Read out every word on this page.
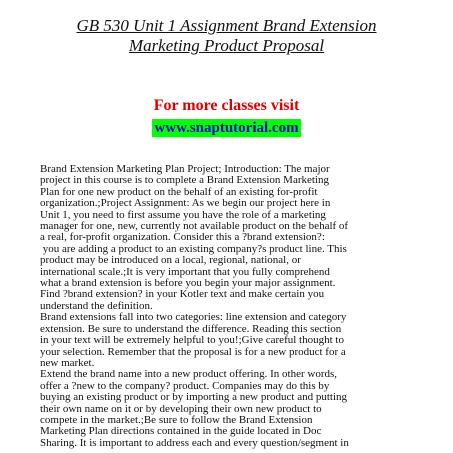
GB 530 Unit 1 Assignment Brand Extension
Marketing Product Proposal

For more classes visit

www.snaptutorial.com
Brand Extension Marketing Plan Project; Introduction: The major
project in this course is to complete a Brand Extension Marketing
Plan for one new product on the behalf of an existing for-profit
organization.;Project Assignment: As we begin our project here in
Unit 1, you need to first assume you have the role of a marketing
manager for one, new, currently not available product on the behalf of
a real, for-profit organization. Consider this a ?brand extension?:
you are adding a product to an existing company?s product line. This
product may be introduced on a local, regional, national, or
international scale.;It is very important that you fully comprehend
what a brand extension is before you begin your major assignment.
Find ?brand extension? in your Kotler text and make certain you
understand the definition.
Brand extensions fall into two categories: line extension and category
extension. Be sure to understand the difference. Reading this section
in your text will be extremely helpful to you!;Give careful thought to
your selection. Remember that the proposal is for a new product for a
new market.
Extend the brand name into a new product offering. In other words,
offer a ?new to the company? product. Companies may do this by
buying an existing product or by importing a new product and putting
their own name on it or by developing their own new product to
compete in the market.;Be sure to follow the Brand Extension
Marketing Plan directions contained in the guide located in Doc
Sharing. It is important to address each and every question/segment in
